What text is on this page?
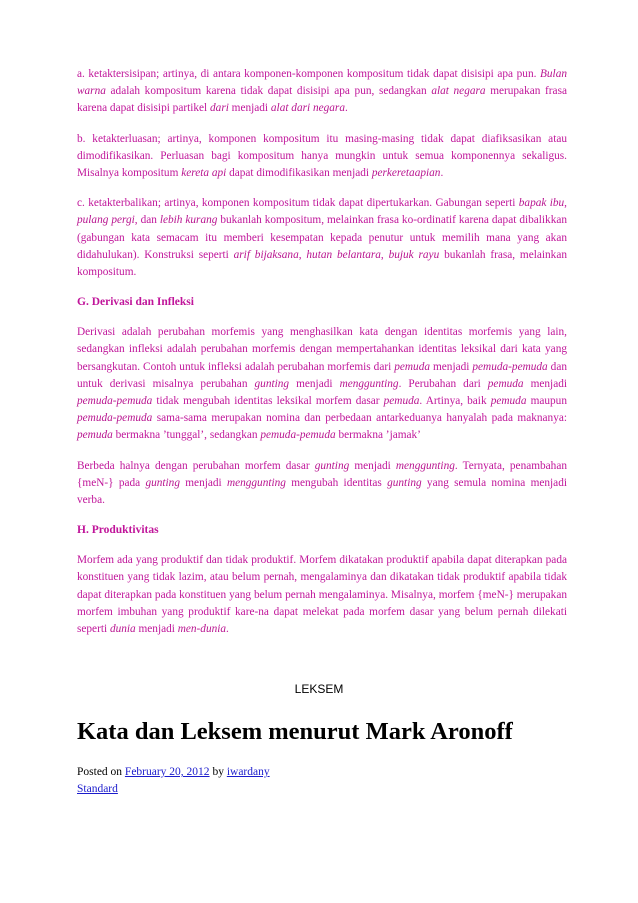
a. ketaktersisipan; artinya, di antara komponen-komponen kompositum tidak dapat disisipi apa pun. Bulan warna adalah kompositum karena tidak dapat disisipi apa pun, sedangkan alat negara merupakan frasa karena dapat disisipi partikel dari menjadi alat dari negara.

b. ketakterluasan; artinya, komponen kompositum itu masing-masing tidak dapat diafiksasikan atau dimodifikasikan. Perluasan bagi kompositum hanya mungkin untuk semua komponennya sekaligus. Misalnya kompositum kereta api dapat dimodifikasikan menjadi perkeretaapian.

c. ketakterbalikan; artinya, komponen kompositum tidak dapat dipertukarkan. Gabungan seperti bapak ibu, pulang pergi, dan lebih kurang bukanlah kompositum, melainkan frasa ko-ordinatif karena dapat dibalikkan (gabungan kata semacam itu memberi kesempatan kepada penutur untuk memilih mana yang akan didahulukan). Konstruksi seperti arif bijaksana, hutan belantara, bujuk rayu bukanlah frasa, melainkan kompositum.

G. Derivasi dan Infleksi

Derivasi adalah perubahan morfemis yang menghasilkan kata dengan identitas morfemis yang lain, sedangkan infleksi adalah perubahan morfemis dengan mempertahankan identitas leksikal dari kata yang bersangkutan. Contoh untuk infleksi adalah perubahan morfemis dari pemuda menjadi pemuda-pemuda dan untuk derivasi misalnya perubahan gunting menjadi menggunting. Perubahan dari pemuda menjadi pemuda-pemuda tidak mengubah identitas leksikal morfem dasar pemuda. Artinya, baik pemuda maupun pemuda-pemuda sama-sama merupakan nomina dan perbedaan antarkeduanya hanyalah pada maknanya: pemuda bermakna ’tunggal’, sedangkan pemuda-pemuda bermakna ’jamak’

Berbeda halnya dengan perubahan morfem dasar gunting menjadi menggunting. Ternyata, penambahan {meN-} pada gunting menjadi menggunting mengubah identitas gunting yang semula nomina menjadi verba.

H. Produktivitas

Morfem ada yang produktif dan tidak produktif. Morfem dikatakan produktif apabila dapat diterapkan pada konstituen yang tidak lazim, atau belum pernah, mengalaminya dan dikatakan tidak produktif apabila tidak dapat diterapkan pada konstituen yang belum pernah mengalaminya. Misalnya, morfem {meN-} merupakan morfem imbuhan yang produktif kare-na dapat melekat pada morfem dasar yang belum pernah dilekati seperti dunia menjadi men-dunia.

LEKSEM
Kata dan Leksem menurut Mark Aronoff
Posted on February 20, 2012 by iwardany
Standard
